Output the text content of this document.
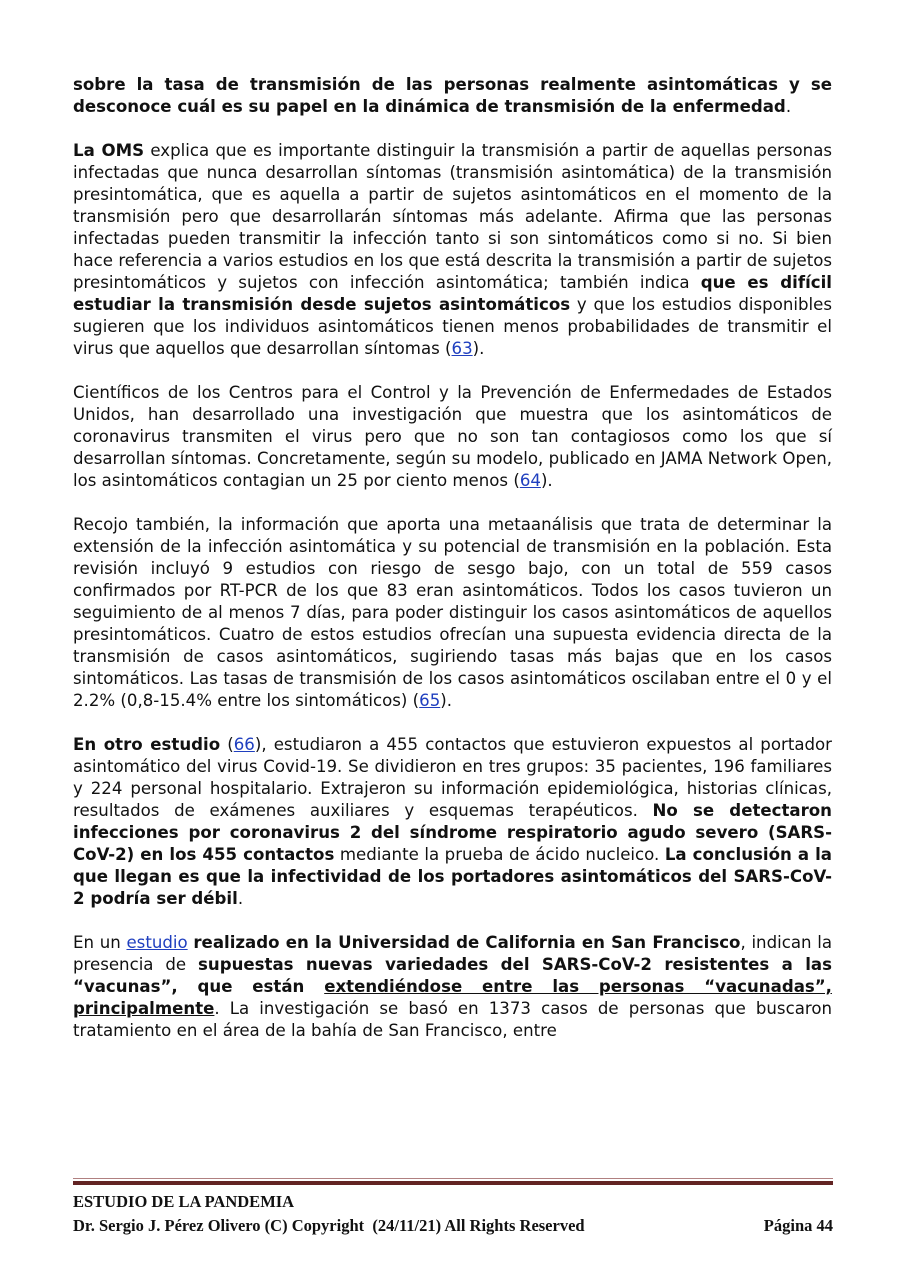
sobre la tasa de transmisión de las personas realmente asintomáticas y se desconoce cuál es su papel en la dinámica de transmisión de la enfermedad.

La OMS explica que es importante distinguir la transmisión a partir de aquellas personas infectadas que nunca desarrollan síntomas (transmisión asintomática) de la transmisión presintomática, que es aquella a partir de sujetos asintomáticos en el momento de la transmisión pero que desarrollarán síntomas más adelante. Afirma que las personas infectadas pueden transmitir la infección tanto si son sintomáticos como si no. Si bien hace referencia a varios estudios en los que está descrita la transmisión a partir de sujetos presintomáticos y sujetos con infección asintomática; también indica que es difícil estudiar la transmisión desde sujetos asintomáticos y que los estudios disponibles sugieren que los individuos asintomáticos tienen menos probabilidades de transmitir el virus que aquellos que desarrollan síntomas (63).

Científicos de los Centros para el Control y la Prevención de Enfermedades de Estados Unidos, han desarrollado una investigación que muestra que los asintomáticos de coronavirus transmiten el virus pero que no son tan contagiosos como los que sí desarrollan síntomas. Concretamente, según su modelo, publicado en JAMA Network Open, los asintomáticos contagian un 25 por ciento menos (64).

Recojo también, la información que aporta una metaanálisis que trata de determinar la extensión de la infección asintomática y su potencial de transmisión en la población. Esta revisión incluyó 9 estudios con riesgo de sesgo bajo, con un total de 559 casos confirmados por RT-PCR de los que 83 eran asintomáticos. Todos los casos tuvieron un seguimiento de al menos 7 días, para poder distinguir los casos asintomáticos de aquellos presintomáticos. Cuatro de estos estudios ofrecían una supuesta evidencia directa de la transmisión de casos asintomáticos, sugiriendo tasas más bajas que en los casos sintomáticos. Las tasas de transmisión de los casos asintomáticos oscilaban entre el 0 y el 2.2% (0,8-15.4% entre los sintomáticos) (65).

En otro estudio (66), estudiaron a 455 contactos que estuvieron expuestos al portador asintomático del virus Covid-19. Se dividieron en tres grupos: 35 pacientes, 196 familiares y 224 personal hospitalario. Extrajeron su información epidemiológica, historias clínicas, resultados de exámenes auxiliares y esquemas terapéuticos. No se detectaron infecciones por coronavirus 2 del síndrome respiratorio agudo severo (SARS-CoV-2) en los 455 contactos mediante la prueba de ácido nucleico. La conclusión a la que llegan es que la infectividad de los portadores asintomáticos del SARS-CoV-2 podría ser débil.

En un estudio realizado en la Universidad de California en San Francisco, indican la presencia de supuestas nuevas variedades del SARS-CoV-2 resistentes a las “vacunas”, que están extendiéndose entre las personas “vacunadas”, principalmente. La investigación se basó en 1373 casos de personas que buscaron tratamiento en el área de la bahía de San Francisco, entre

ESTUDIO DE LA PANDEMIA
Dr. Sergio J. Pérez Olivero (C) Copyright  (24/11/21) All Rights Reserved	Página 44
